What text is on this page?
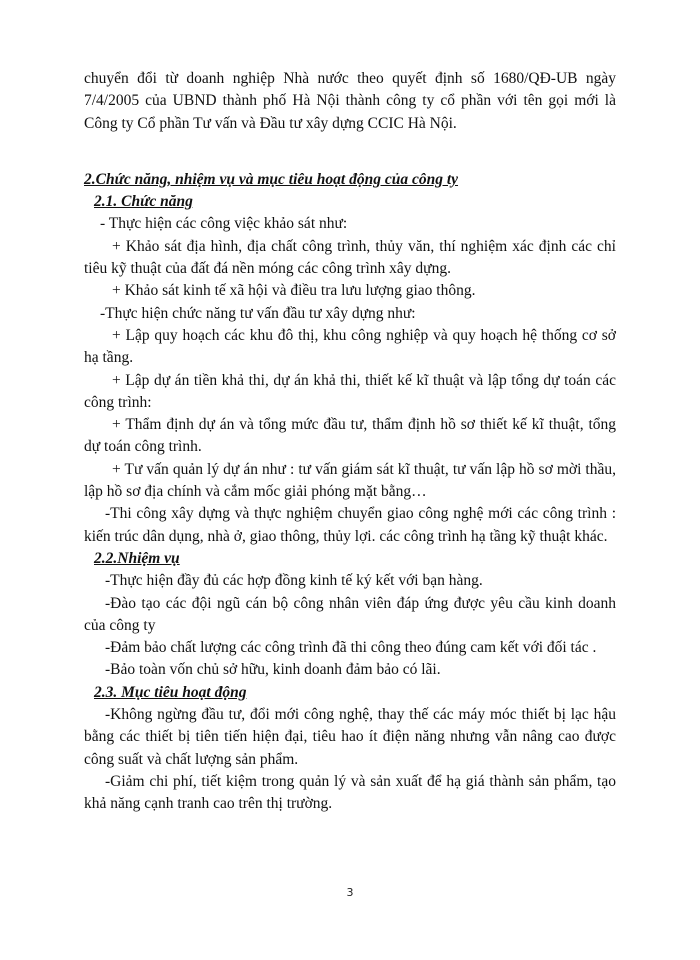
chuyển đổi từ doanh nghiệp Nhà nước theo quyết định số 1680/QĐ-UB ngày 7/4/2005 của UBND thành phố Hà Nội thành công ty cổ phần với tên gọi mới là Công ty Cổ phần Tư vấn và Đầu tư xây dựng CCIC Hà Nội.

2.Chức năng, nhiệm vụ và mục tiêu hoạt động của công ty

2.1. Chức năng

- Thực hiện các công việc khảo sát như:

+ Khảo sát địa hình, địa chất công trình, thủy văn, thí nghiệm xác định các chỉ tiêu kỹ thuật của đất đá nền móng các công trình xây dựng.

+ Khảo sát kinh tế xã hội và điều tra lưu lượng giao thông.

-Thực hiện chức năng tư vấn đầu tư xây dựng như:

+ Lập quy hoạch các khu đô thị, khu công nghiệp và quy hoạch hệ thống cơ sở hạ tầng.

+ Lập dự án tiền khả thi, dự án khả thi, thiết kế kĩ thuật và lập tổng dự toán các công trình:

+ Thẩm định dự án và tổng mức đầu tư, thẩm định hồ sơ thiết kế kĩ thuật, tổng dự toán công trình.

+ Tư vấn quản lý dự án như : tư vấn giám sát kĩ thuật, tư vấn lập hồ sơ mời thầu, lập hồ sơ địa chính và cắm mốc giải phóng mặt bằng…

-Thi công xây dựng và thực nghiệm chuyển giao công nghệ mới các công trình : kiến trúc dân dụng, nhà ở, giao thông, thủy lợi. các công trình hạ tầng kỹ thuật khác.

2.2.Nhiệm vụ

-Thực hiện đầy đủ các hợp đồng kinh tế ký kết với bạn hàng.

-Đào tạo các đội ngũ cán bộ công nhân viên đáp ứng được yêu cầu kinh doanh của công ty

-Đảm bảo chất lượng các công trình đã thi công theo đúng cam kết với đối tác .

-Bảo toàn vốn chủ sở hữu, kinh doanh đảm bảo có lãi.

2.3. Mục tiêu hoạt động

-Không ngừng đầu tư, đổi mới công nghệ, thay thế các máy móc thiết bị lạc hậu bằng các thiết bị tiên tiến hiện đại, tiêu hao ít điện năng nhưng vẫn nâng cao được công suất và chất lượng sản phẩm.

-Giảm chi phí, tiết kiệm trong quản lý và sản xuất để hạ giá thành sản phẩm, tạo khả năng cạnh tranh cao trên thị trường.

3
